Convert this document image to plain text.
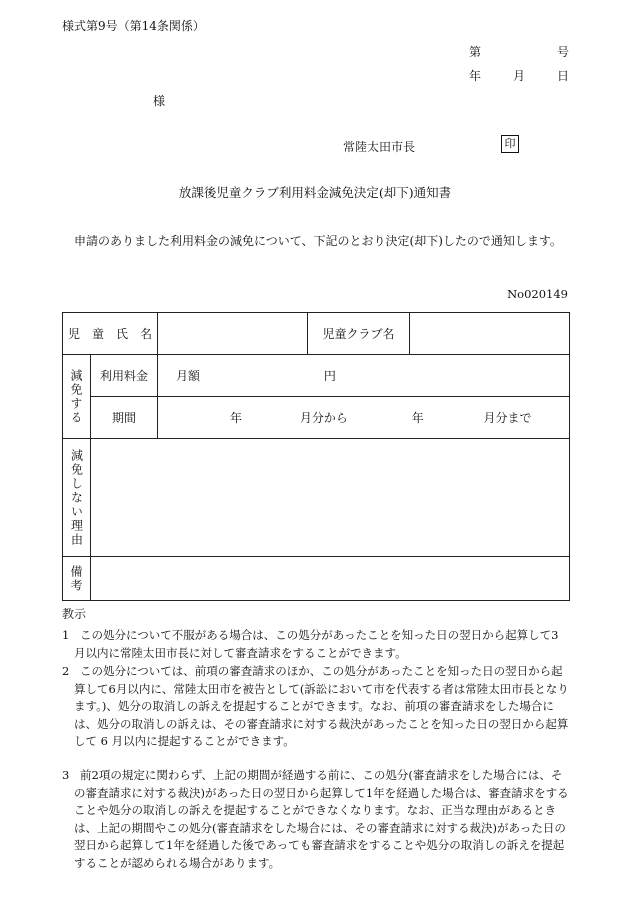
様式第9号（第14条関係）
第	号
年	月	日
様
常陸太田市長	印
放課後児童クラブ利用料金減免決定(却下)通知書
申請のありました利用料金の減免について、下記のとおり決定(却下)したので通知します。
No020149
児　童　氏　名			児童クラブ名	

減免する	利用料金	月額 円		
	期間	年 月分から 年 月分まで		

減免しない理由				

備考				

教示
1 この処分について不服がある場合は、この処分があったことを知った日の翌日から起算して3月以内に常陸太田市長に対して審査請求をすることができます。
2 この処分については、前項の審査請求のほか、この処分があったことを知った日の翌日から起算して6月以内に、常陸太田市を被告として(訴訟において市を代表する者は常陸太田市長となります。)、処分の取消しの訴えを提起することができます。なお、前項の審査請求をした場合には、処分の取消しの訴えは、その審査請求に対する裁決があったことを知った日の翌日から起算して 6 月以内に提起することができます。
3 前2項の規定に関わらず、上記の期間が経過する前に、この処分(審査請求をした場合には、その審査請求に対する裁決)があった日の翌日から起算して1年を経過した場合は、審査請求をすることや処分の取消しの訴えを提起することができなくなります。なお、正当な理由があるときは、上記の期間やこの処分(審査請求をした場合には、その審査請求に対する裁決)があった日の翌日から起算して1年を経過した後であっても審査請求をすることや処分の取消しの訴えを提起することが認められる場合があります。
